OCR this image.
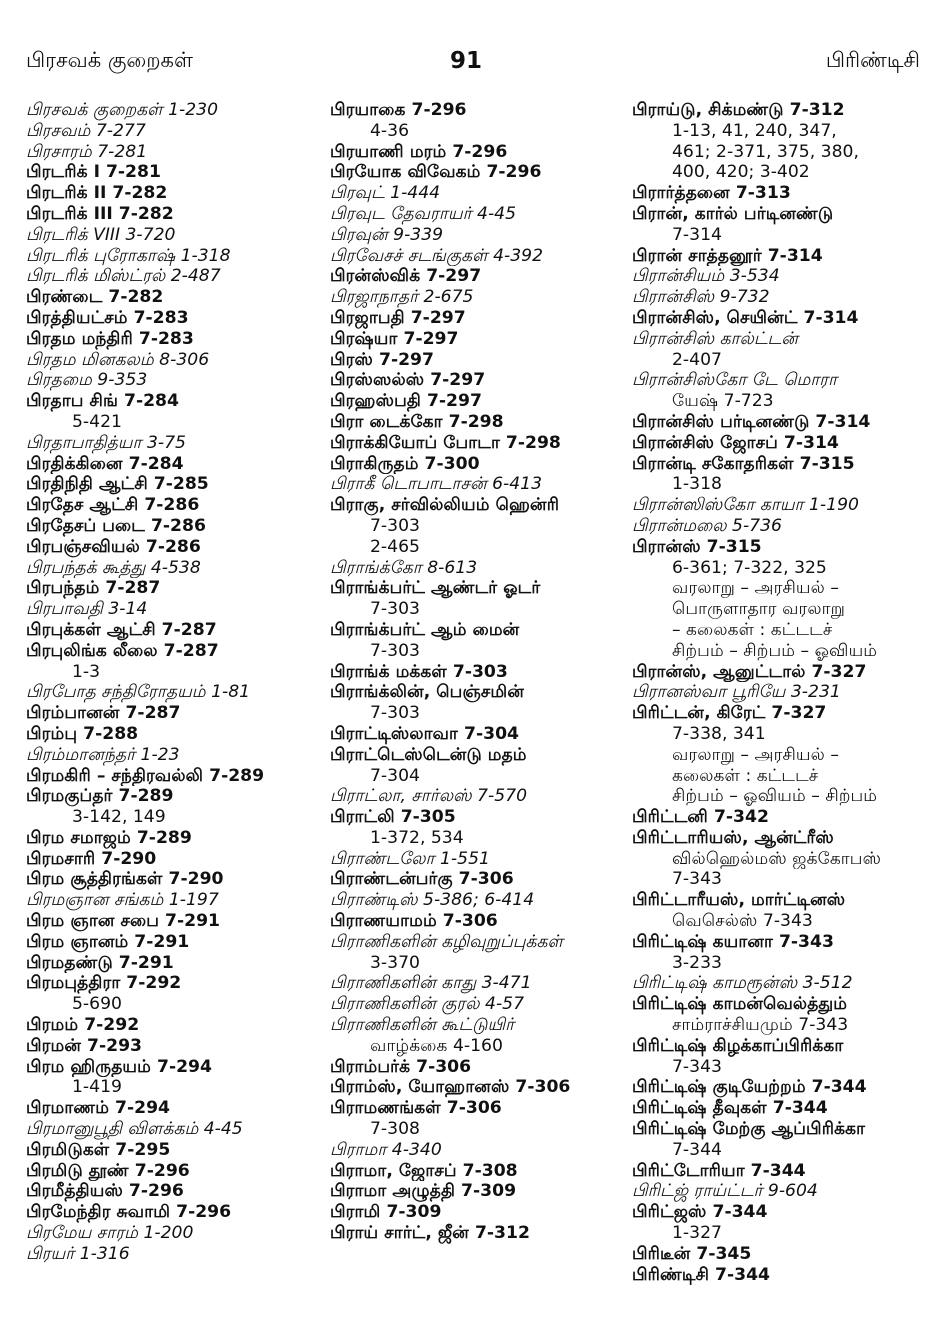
பிரசவக் குறைகள்	91	பிரிண்டிசி
பிரசவக் குறைகள் 1-230
பிரசவம் 7-277
பிரசாரம் 7-281
பிரடரிக் I 7-281
பிரடரிக் II 7-282
பிரடரிக் III 7-282
பிரடரிக் VIII 3-720
பிரடரிக் புரோகாஷ் 1-318
பிரடரிக் மிஸ்ட்ரல் 2-487
பிரண்டை 7-282
பிரத்தியட்சம் 7-283
பிரதம மந்திரி 7-283
பிரதம மினகலம் 8-306
பிரதமை 9-353
பிரதாப சிங் 7-284
5-421
பிரதாபாதித்யா 3-75
பிரதிக்கினை 7-284
பிரதிநிதி ஆட்சி 7-285
பிரதேச ஆட்சி 7-286
பிரதேசப் படை 7-286
பிரபஞ்சவியல் 7-286
பிரபந்தக் கூத்து 4-538
பிரபந்தம் 7-287
பிரபாவதி 3-14
பிரபுக்கள் ஆட்சி 7-287
பிரபுலிங்க லீலை 7-287
1-3
பிரபோத சந்திரோதயம் 1-81
பிரம்பானன் 7-287
பிரம்பு 7-288
பிரம்மானந்தர் 1-23
பிரமகிரி – சந்திரவல்லி 7-289
பிரமகுப்தர் 7-289
3-142, 149
பிரம சமாஜம் 7-289
பிரமசாரி 7-290
பிரம சூத்திரங்கள் 7-290
பிரமஞான சங்கம் 1-197
பிரம ஞான சபை 7-291
பிரம ஞானம் 7-291
பிரமதண்டு 7-291
பிரமபுத்திரா 7-292
5-690
பிரமம் 7-292
பிரமன் 7-293
பிரம ஹிருதயம் 7-294
1-419
பிரமாணம் 7-294
பிரமானுபூதி விளக்கம் 4-45
பிரமிடுகள் 7-295
பிரமிடு தூண் 7-296
பிரமீத்தியஸ் 7-296
பிரமேந்திர சுவாமி 7-296
பிரமேய சாரம் 1-200
பிரயர் 1-316
பிரயாகை 7-296
4-36
பிரயாணி மரம் 7-296
பிரயோக விவேகம் 7-296
பிரவுட் 1-444
பிரவுட தேவராயர் 4-45
பிரவுன் 9-339
பிரவேசச் சடங்குகள் 4-392
பிரன்ஸ்விக் 7-297
பிரஜாநாதர் 2-675
பிரஜாபதி 7-297
பிரஷ்யா 7-297
பிரஸ் 7-297
பிரஸ்ஸல்ஸ் 7-297
பிரஹஸ்பதி 7-297
பிரா டைக்கோ 7-298
பிராக்கியோப் போடா 7-298
பிராகிருதம் 7-300
பிராகீ டொபாடாசன் 6-413
பிராகு, சர்வில்லியம் ஹென்ரி
7-303
2-465
பிராங்க்கோ 8-613
பிராங்க்பர்ட் ஆண்டர் ஓடர்
7-303
பிராங்க்பர்ட் ஆம் மைன்
7-303
பிராங்க் மக்கள் 7-303
பிராங்க்லின், பெஞ்சமின்
7-303
பிராட்டிஸ்லாவா 7-304
பிராட்டெஸ்டென்டு மதம்
7-304
பிராட்லா, சார்லஸ் 7-570
பிராட்லி 7-305
1-372, 534
பிராண்டலோ 1-551
பிராண்டன்பர்கு 7-306
பிராண்டிஸ் 5-386; 6-414
பிராணயாமம் 7-306
பிராணிகளின் கழிவுறுப்புக்கள்
3-370
பிராணிகளின் காது 3-471
பிராணிகளின் குரல் 4-57
பிராணிகளின் கூட்டுயிர்
வாழ்க்கை 4-160
பிராம்பர்க் 7-306
பிராம்ஸ், யோஹானஸ் 7-306
பிராமணங்கள் 7-306
7-308
பிராமா 4-340
பிராமா, ஜோசப் 7-308
பிராமா அழுத்தி 7-309
பிராமி 7-309
பிராய் சார்ட், ஜீன் 7-312
பிராய்டு, சிக்மண்டு 7-312
1-13, 41, 240, 347,
461; 2-371, 375, 380,
400, 420; 3-402
பிரார்த்தனை 7-313
பிரான், கார்ல் பர்டினண்டு
7-314
பிரான் சாத்தனூர் 7-314
பிரான்சியம் 3-534
பிரான்சிஸ் 9-732
பிரான்சிஸ், செயின்ட் 7-314
பிரான்சிஸ் கால்ட்டன்
2-407
பிரான்சிஸ்கோ டே மொரா
யேஷ் 7-723
பிரான்சிஸ் பர்டினண்டு 7-314
பிரான்சிஸ் ஜோசப் 7-314
பிரான்டி சகோதரிகள் 7-315
1-318
பிரான்ஸிஸ்கோ காயா 1-190
பிரான்மலை 5-736
பிரான்ஸ் 7-315
6-361; 7-322, 325
வரலாறு – அரசியல் –
பொருளாதார வரலாறு
– கலைகள் : கட்டடச்
சிற்பம் – சிற்பம் – ஓவியம்
பிரான்ஸ், ஆனுட்டால் 7-327
பிரானஸ்வா பூரியே 3-231
பிரிட்டன், கிரேட் 7-327
7-338, 341
வரலாறு – அரசியல் –
கலைகள் : கட்டடச்
சிற்பம் – ஓவியம் – சிற்பம்
பிரிட்டனி 7-342
பிரிட்டாரியஸ், ஆன்ட்ரீஸ்
வில்ஹெல்மஸ் ஜக்கோபஸ்
7-343
பிரிட்டாரீயஸ், மார்ட்டினஸ்
வெசெல்ஸ் 7-343
பிரிட்டிஷ் கயானா 7-343
3-233
பிரிட்டிஷ் காமரூன்ஸ் 3-512
பிரிட்டிஷ் காமன்வெல்த்தும்
சாம்ராச்சியமும் 7-343
பிரிட்டிஷ் கிழக்காப்பிரிக்கா
7-343
பிரிட்டிஷ் குடியேற்றம் 7-344
பிரிட்டிஷ் தீவுகள் 7-344
பிரிட்டிஷ் மேற்கு ஆப்பிரிக்கா
7-344
பிரிட்டோரியா 7-344
பிரிட்ஜ் ராய்ட்டர் 9-604
பிரிட்ஜஸ் 7-344
1-327
பிரிடீன் 7-345
பிரிண்டிசி 7-344
